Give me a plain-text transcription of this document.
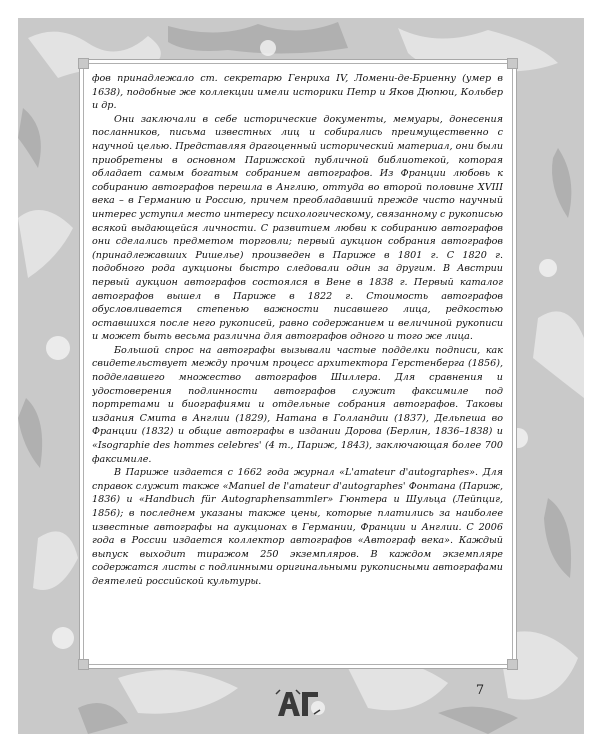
фов принадлежало ст. секретарю Генриха IV, Ломени-де-Бриенну (умер в 1638), подобные же коллекции имели историки Петр и Яков Дюпюи, Кольбер и др.

Они заключали в себе исторические документы, мемуары, донесения посланников, письма известных лиц и собирались преимущественно с научной целью. Представляя драгоценный исторический материал, они были приобретены в основном Парижской публичной библиотекой, которая обладает самым богатым собранием автографов. Из Франции любовь к собиранию автографов перешла в Англию, оттуда во второй половине XVIII века – в Германию и Россию, причем преобладавший прежде чисто научный интерес уступил место интересу психологическому, связанному с рукописью всякой выдающейся личности. С развитием любви к собиранию автографов они сделались предметом торговли; первый аукцион собрания автографов (принадлежавших Ришелье) произведен в Париже в 1801 г. С 1820 г. подобного рода аукционы быстро следовали один за другим. В Австрии первый аукцион автографов состоялся в Вене в 1838 г. Первый каталог автографов вышел в Париже в 1822 г. Стоимость автографов обусловливается степенью важности писавшего лица, редкостью оставшихся после него рукописей, равно содержанием и величиной рукописи и может быть весьма различна для автографов одного и того же лица.

Большой спрос на автографы вызывали частые подделки подписи, как свидетельствует между прочим процесс архитектора Герстенберга (1856), подделавшего множество автографов Шиллера. Для сравнения и удостоверения подлинности автографов служит факсимиле под портретами и биографиями и отдельные собрания автографов. Таковы издания Смита в Англии (1829), Натана в Голландии (1837), Дельпеша во Франции (1832) и общие автографы в издании Дорова (Берлин, 1836–1838) и «Isographie des hommes celebres' (4 т., Париж, 1843), заключающая более 700 факсимиле.

В Париже издается с 1662 года журнал «L'amateur d'autographes». Для справок служит также «Manuel de l'amateur d'autographes' Фонтана (Париж, 1836) и «Handbuch für Autographensammler» Гюнтера и Шульца (Лейпциг, 1856); в последнем указаны также цены, которые платились за наиболее известные автографы на аукционах в Германии, Франции и Англии. С 2006 года в России издается коллектор автографов «Автограф века». Каждый выпуск выходит тиражом 250 экземпляров. В каждом экземпляре содержатся листы с подлинными оригинальными рукописными автографами деятелей российской культуры.

7
